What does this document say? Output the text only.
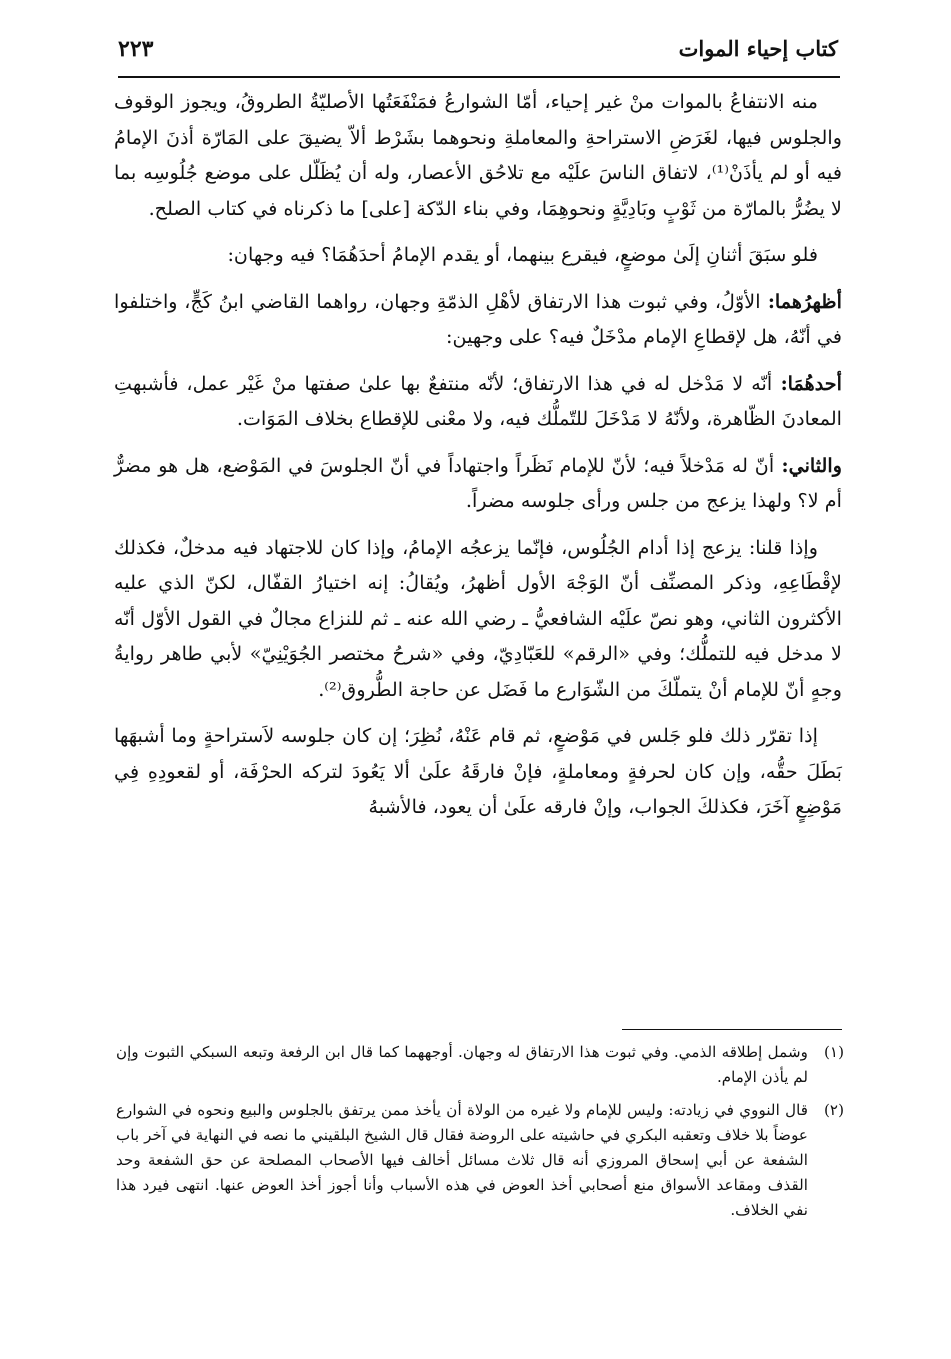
كتاب إحياء الموات
٢٢٣

منه الانتفاعُ بالموات منْ غير إحياء، أمّا الشوارعُ فمَنْفَعَتُها الأصليّةُ الطروقُ، ويجوز الوقوف والجلوس فيها، لغَرَضِ الاستراحةِ والمعاملةِ ونحوهما بشَرْط ألاّ يضيقَ على المَارّة أذنَ الإمامُ فيه أو لم يأذَنْ⁽¹⁾، لاتفاق الناسَ علَيْه مع تلاحُق الأعصار، وله أن يُظَلّل على موضع جُلُوسِه بما لا يضُرُّ بالمارّة من ثَوْبٍ وبَادِيَّةٍ ونحوهِمَا، وفي بناء الدّكة [على] ما ذكرناه في كتاب الصلح.

فلو سبَقَ أثنانِ إلَىٰ موضعٍ، فيقرع بينهما، أو يقدم الإمامُ أحدَهُمَا؟ فيه وجهان:

أظهرُهما: الأوّلُ، وفي ثبوت هذا الارتفاق لأهْلِ الذمّةِ وجهان، رواهما القاضي ابنُ كَجٍّ، واختلفوا في أنّهُ، هل لإقطاعِ الإمام مدْخَلٌ فيه؟ على وجهين:

أحدهُمَا: أنّه لا مَدْخل له في هذا الارتفاق؛ لأنّه منتفعٌ بها علىٰ صفتها منْ غَيْر عمل، فأشبهتِ المعادنَ الظّاهرة، ولأنّهُ لا مَدْخَلَ للتّملُّك فيه، ولا معْنى للإقطاع بخلاف المَوَات.

والثاني: أنّ له مَدْخلاً فيه؛ لأنّ للإمام نَظَراً واجتهاداً في أنّ الجلوسَ في المَوْضع، هل هو مضرٌّ أم لا؟ ولهذا يزعج من جلس ورأى جلوسه مضراً.

وإذا قلنا: يزعج إذا أدام الجُلُوس، فإنّما يزعجُه الإمامُ، وإذا كان للاجتهاد فيه مدخلٌ، فكذلك لإقْطَاعِهِ، وذكر المصنِّف أنّ الوَجْهَ الأول أظهرُ، ويُقالُ: إنه اختيارُ القفّال، لكنّ الذي عليه الأكثرون الثاني، وهو نصّ علَيْه الشافعيُّ ـ رضي الله عنه ـ ثم للنزاع مجالٌ في القول الأوّل أنّه لا مدخل فيه للتملُّك؛ وفي «الرقم» للعَبّادِيّ، وفي «شرحُ مختصر الجُوَيْنِيّ» لأبي طاهر روايةُ وجهٍ أنّ للإمام أنْ يتملّكَ من الشّوَارع ما فَضَل عن حاجة الطُّروق⁽²⁾.

إذا تقرّر ذلك فلو جَلس في مَوْضعٍ، ثم قام عَنْهُ، نُظِرَ؛ إن كان جلوسه لاَستراحةٍ وما أشبهَها بَطَلَ حقُّه، وإن كان لحرفةٍ ومعاملةٍ، فإنْ فارقَهُ علَىٰ ألا يَعُودَ لتركه الحرْفَة، أو لقعودِهِ فِي مَوْضِعٍ آخَرَ، فكذلكَ الجواب، وإنْ فارقه علَىٰ أن يعود، فالأشبهُ

(١)
وشمل إطلاقه الذمي. وفي ثبوت هذا الارتفاق له وجهان. أوجههما كما قال ابن الرفعة وتبعه السبكي الثبوت وإن لم يأذن الإمام.
(٢)
قال النووي في زيادته: وليس للإمام ولا غيره من الولاة أن يأخذ ممن يرتفق بالجلوس والبيع ونحوه في الشوارع عوضاً بلا خلاف وتعقبه البكري في حاشيته على الروضة فقال قال الشيخ البلقيني ما نصه في النهاية في آخر باب الشفعة عن أبي إسحاق المروزي أنه قال ثلاث مسائل أخالف فيها الأصحاب المصلحة عن حق الشفعة وحد القذف ومقاعد الأسواق منع أصحابي أخذ العوض في هذه الأسباب وأنا أجوز أخذ العوض عنها. انتهى فيرد هذا نفي الخلاف.
